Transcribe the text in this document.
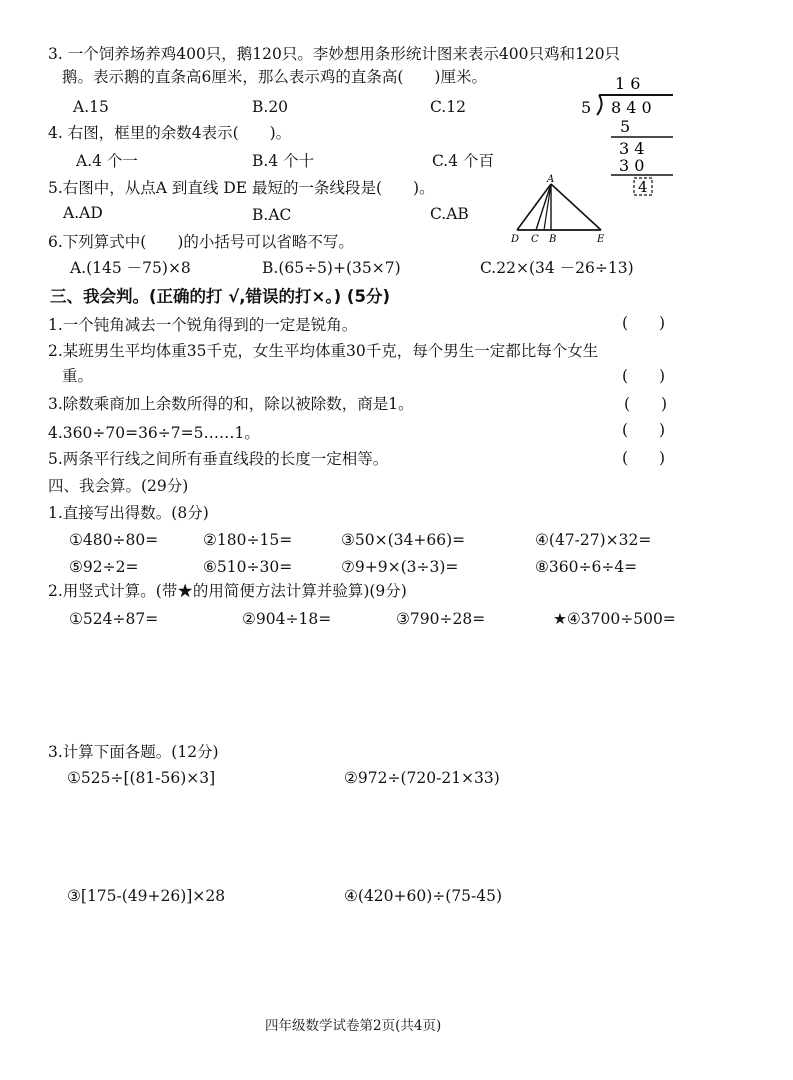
3. 一个饲养场养鸡400只，鹅120只。李妙想用条形统计图来表示400只鸡和120只
鹅。表示鹅的直条高6厘米，那么表示鸡的直条高(　　)厘米。
A.15	B.20	C.12
4. 右图，框里的余数4表示(　　)。
A.4 个一	B.4 个十	C.4 个百
5.右图中，从点A 到直线 DE 最短的一条线段是(　　)。
A.AD	B.AC	C.AB
6.下列算式中(　　)的小括号可以省略不写。
A.(145 －75)×8	B.(65÷5)+(35×7)	C.22×(34 －26÷13)
1 6
5 8 4 0
5
3 4
3 0
4
A
D C B	E
三、我会判。(正确的打 √,错误的打×。) (5分)
1.一个钝角减去一个锐角得到的一定是锐角。	(　　)
2.某班男生平均体重35千克，女生平均体重30千克，每个男生一定都比每个女生
重。	(　　)
3.除数乘商加上余数所得的和，除以被除数，商是1。	(　　)
4.360÷70=36÷7=5……1。	(　　)
5.两条平行线之间所有垂直线段的长度一定相等。	(　　)
四、我会算。(29分)
1.直接写出得数。(8分)
①480÷80=	②180÷15=	③50×(34+66)=	④(47-27)×32=
⑤92÷2=	⑥510÷30=	⑦9+9×(3÷3)=	⑧360÷6÷4=
2.用竖式计算。(带★的用简便方法计算并验算)(9分)
①524÷87=	②904÷18=	③790÷28=	★④3700÷500=
3.计算下面各题。(12分)
①525÷[(81-56)×3]	②972÷(720-21×33)
③[175-(49+26)]×28	④(420+60)÷(75-45)
四年级数学试卷第2页(共4页)
